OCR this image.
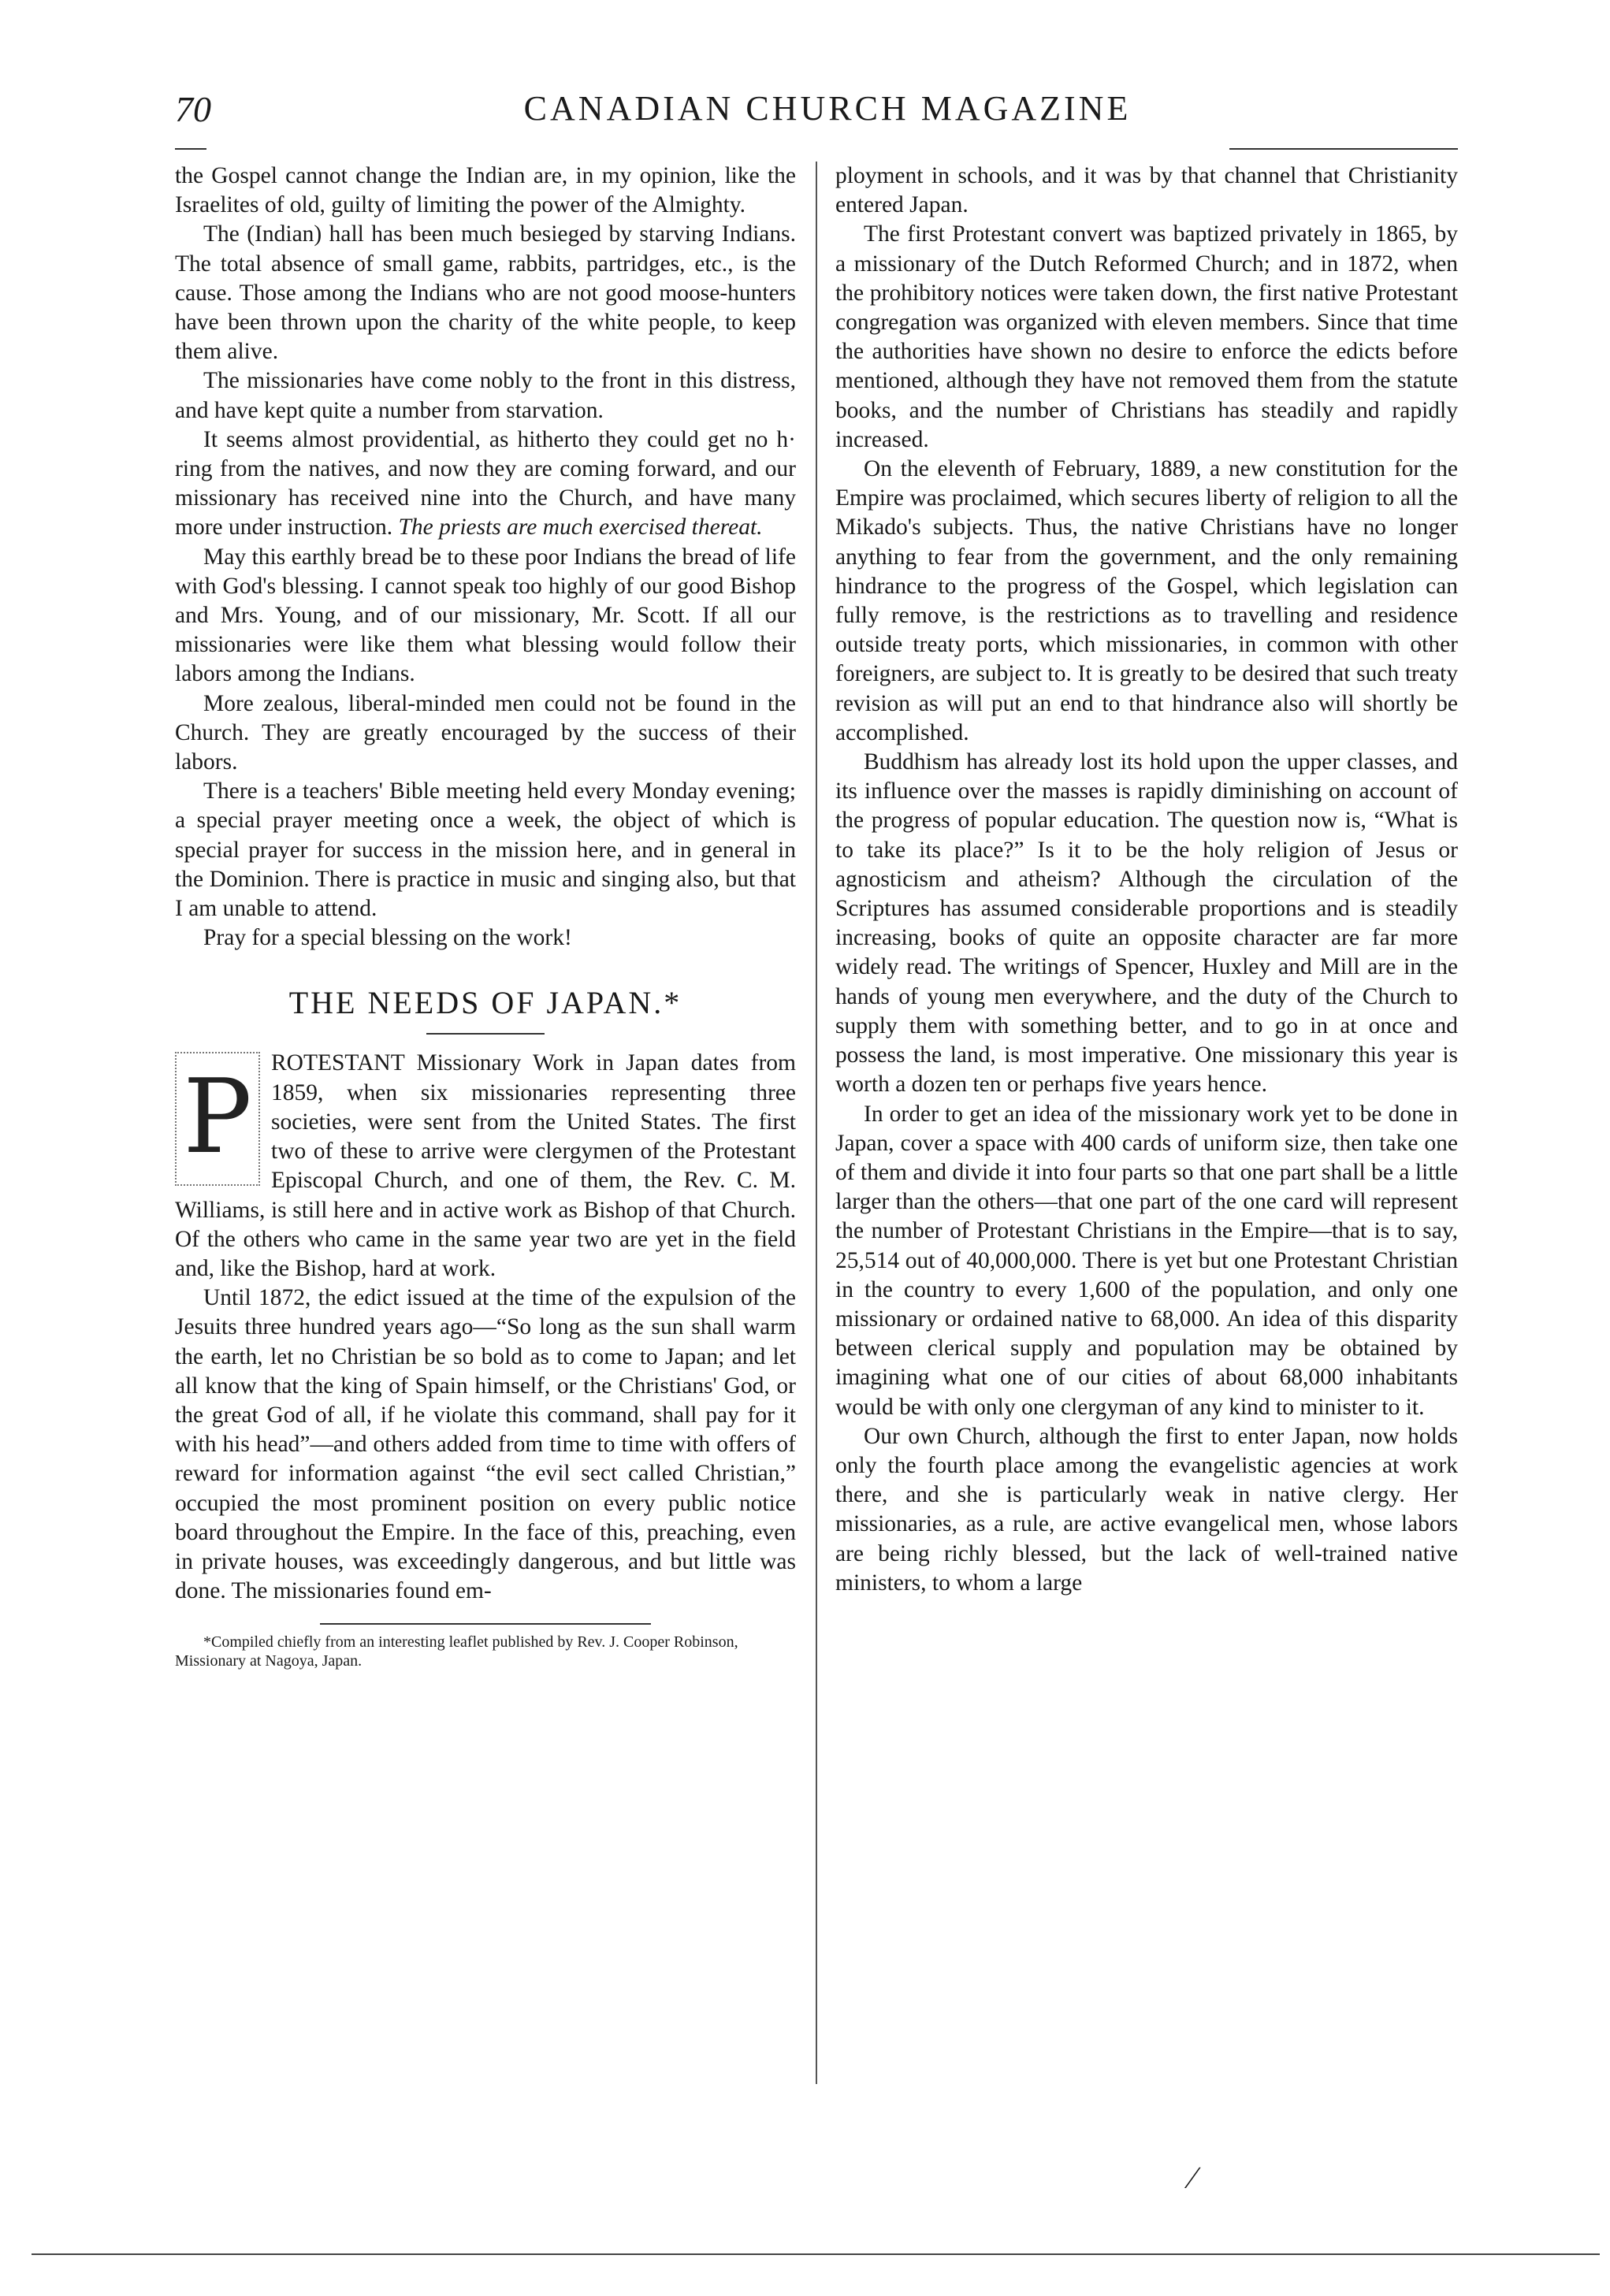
70	CANADIAN CHURCH MAGAZINE

the Gospel cannot change the Indian are, in my opinion, like the Israelites of old, guilty of limiting the power of the Almighty.

The (Indian) hall has been much besieged by starving Indians. The total absence of small game, rabbits, partridges, etc., is the cause. Those among the Indians who are not good moose-hunters have been thrown upon the charity of the white people, to keep them alive.

The missionaries have come nobly to the front in this distress, and have kept quite a number from starvation.

It seems almost providential, as hitherto they could get no h· ring from the natives, and now they are coming forward, and our missionary has received nine into the Church, and have many more under instruction. The priests are much exercised thereat.

May this earthly bread be to these poor Indians the bread of life with God's blessing. I cannot speak too highly of our good Bishop and Mrs. Young, and of our missionary, Mr. Scott. If all our missionaries were like them what blessing would follow their labors among the Indians.

More zealous, liberal-minded men could not be found in the Church. They are greatly encouraged by the success of their labors.

There is a teachers' Bible meeting held every Monday evening; a special prayer meeting once a week, the object of which is special prayer for success in the mission here, and in general in the Dominion. There is practice in music and singing also, but that I am unable to attend.

Pray for a special blessing on the work!

THE NEEDS OF JAPAN.*
P ROTESTANT Missionary Work in Japan dates from 1859, when six missionaries representing three societies, were sent from the United States. The first two of these to arrive were clergymen of the Protestant Episcopal Church, and one of them, the Rev. C. M. Williams, is still here and in active work as Bishop of that Church. Of the others who came in the same year two are yet in the field and, like the Bishop, hard at work.

Until 1872, the edict issued at the time of the expulsion of the Jesuits three hundred years ago—“So long as the sun shall warm the earth, let no Christian be so bold as to come to Japan; and let all know that the king of Spain himself, or the Christians' God, or the great God of all, if he violate this command, shall pay for it with his head”—and others added from time to time with offers of reward for information against “the evil sect called Christian,” occupied the most prominent position on every public notice board throughout the Empire. In the face of this, preaching, even in private houses, was exceedingly dangerous, and but little was done. The missionaries found em-

*Compiled chiefly from an interesting leaflet published by Rev. J. Cooper Robinson, Missionary at Nagoya, Japan.

ployment in schools, and it was by that channel that Christianity entered Japan.

The first Protestant convert was baptized privately in 1865, by a missionary of the Dutch Reformed Church; and in 1872, when the prohibitory notices were taken down, the first native Protestant congregation was organized with eleven members. Since that time the authorities have shown no desire to enforce the edicts before mentioned, although they have not removed them from the statute books, and the number of Christians has steadily and rapidly increased.

On the eleventh of February, 1889, a new constitution for the Empire was proclaimed, which secures liberty of religion to all the Mikado's subjects. Thus, the native Christians have no longer anything to fear from the government, and the only remaining hindrance to the progress of the Gospel, which legislation can fully remove, is the restrictions as to travelling and residence outside treaty ports, which missionaries, in common with other foreigners, are subject to. It is greatly to be desired that such treaty revision as will put an end to that hindrance also will shortly be accomplished.

Buddhism has already lost its hold upon the upper classes, and its influence over the masses is rapidly diminishing on account of the progress of popular education. The question now is, “What is to take its place?” Is it to be the holy religion of Jesus or agnosticism and atheism? Although the circulation of the Scriptures has assumed considerable proportions and is steadily increasing, books of quite an opposite character are far more widely read. The writings of Spencer, Huxley and Mill are in the hands of young men everywhere, and the duty of the Church to supply them with something better, and to go in at once and possess the land, is most imperative. One missionary this year is worth a dozen ten or perhaps five years hence.

In order to get an idea of the missionary work yet to be done in Japan, cover a space with 400 cards of uniform size, then take one of them and divide it into four parts so that one part shall be a little larger than the others—that one part of the one card will represent the number of Protestant Christians in the Empire—that is to say, 25,514 out of 40,000,000. There is yet but one Protestant Christian in the country to every 1,600 of the population, and only one missionary or ordained native to 68,000. An idea of this disparity between clerical supply and population may be obtained by imagining what one of our cities of about 68,000 inhabitants would be with only one clergyman of any kind to minister to it.

Our own Church, although the first to enter Japan, now holds only the fourth place among the evangelistic agencies at work there, and she is particularly weak in native clergy. Her missionaries, as a rule, are active evangelical men, whose labors are being richly blessed, but the lack of well-trained native ministers, to whom a large

∕
